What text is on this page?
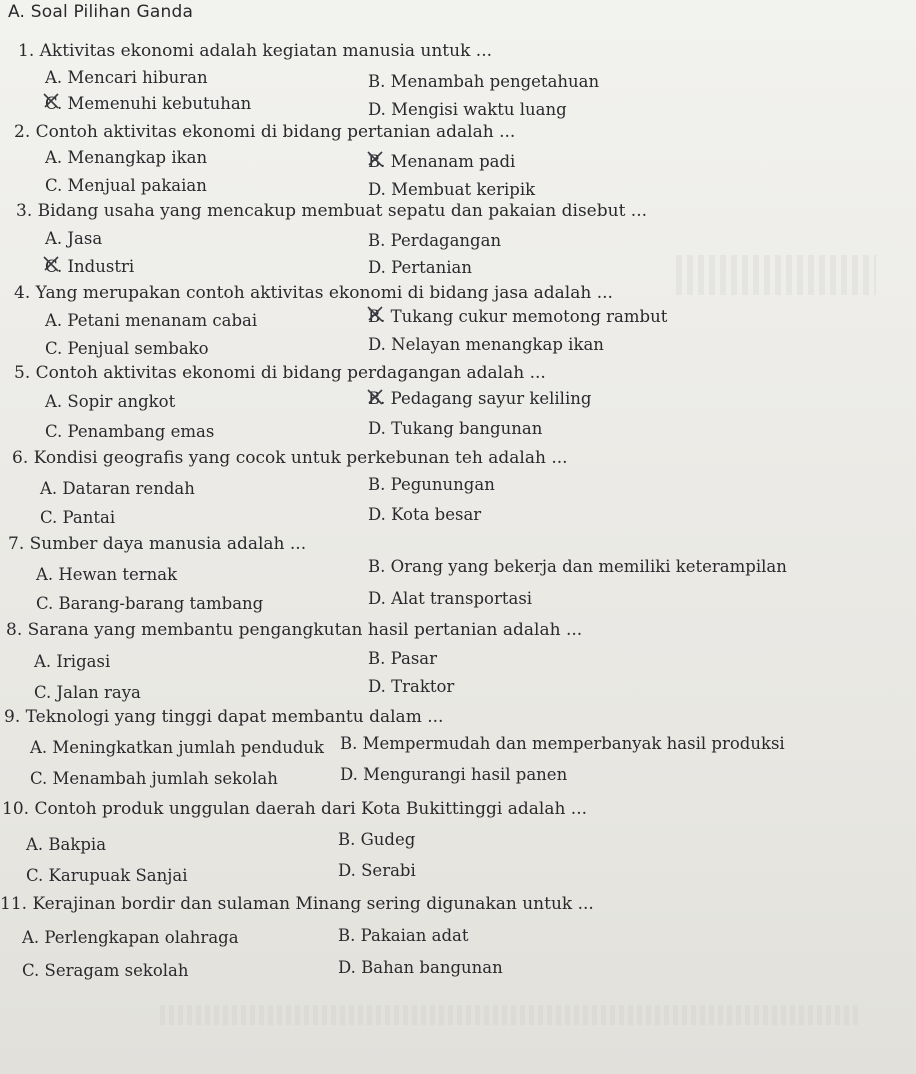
A. Soal Pilihan Ganda
1. Aktivitas ekonomi adalah kegiatan manusia untuk ...
A. Mencari hiburan	B. Menambah pengetahuan
C. Memenuhi kebutuhan	D. Mengisi waktu luang
2. Contoh aktivitas ekonomi di bidang pertanian adalah ...
A. Menangkap ikan	B. Menanam padi
C. Menjual pakaian	D. Membuat keripik
3. Bidang usaha yang mencakup membuat sepatu dan pakaian disebut ...
A. Jasa	B. Perdagangan
C. Industri	D. Pertanian
4. Yang merupakan contoh aktivitas ekonomi di bidang jasa adalah ...
A. Petani menanam cabai	B. Tukang cukur memotong rambut
C. Penjual sembako	D. Nelayan menangkap ikan
5. Contoh aktivitas ekonomi di bidang perdagangan adalah ...
A. Sopir angkot	B. Pedagang sayur keliling
C. Penambang emas	D. Tukang bangunan
6. Kondisi geografis yang cocok untuk perkebunan teh adalah ...
A. Dataran rendah	B. Pegunungan
C. Pantai	D. Kota besar
7. Sumber daya manusia adalah ...
A. Hewan ternak	B. Orang yang bekerja dan memiliki keterampilan
C. Barang-barang tambang	D. Alat transportasi
8. Sarana yang membantu pengangkutan hasil pertanian adalah ...
A. Irigasi	B. Pasar
C. Jalan raya	D. Traktor
9. Teknologi yang tinggi dapat membantu dalam ...
A. Meningkatkan jumlah penduduk B. Mempermudah dan memperbanyak hasil produksi
C. Menambah jumlah sekolah	D. Mengurangi hasil panen
10. Contoh produk unggulan daerah dari Kota Bukittinggi adalah ...
A. Bakpia	B. Gudeg
C. Karupuak Sanjai	D. Serabi
11. Kerajinan bordir dan sulaman Minang sering digunakan untuk ...
A. Perlengkapan olahraga	B. Pakaian adat
C. Seragam sekolah	D. Bahan bangunan
